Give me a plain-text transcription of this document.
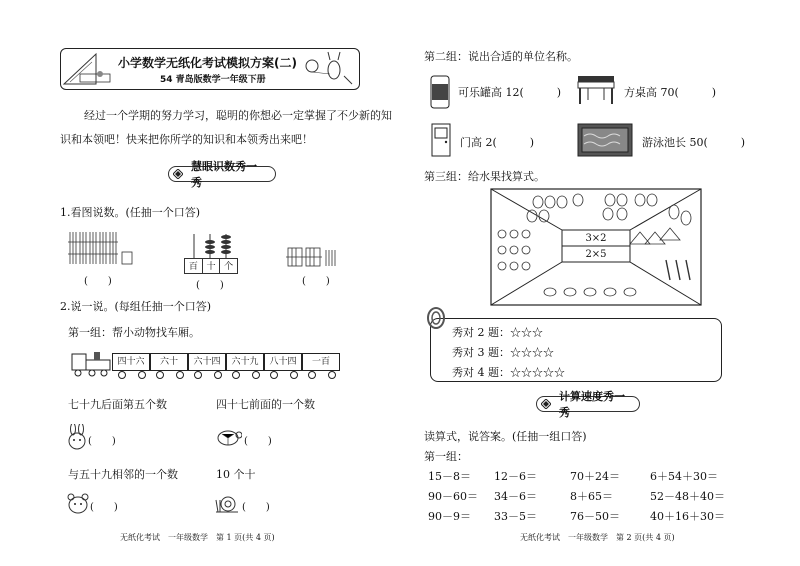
小学数学无纸化考试模拟方案(二)
54 青岛版数学一年级下册
经过一个学期的努力学习，聪明的你想必一定掌握了不少新的知
识和本领吧！快来把你所学的知识和本领秀出来吧！
慧眼识数秀一秀
1.看图说数。(任抽一个口答)
(　　)
百 十 个
(　　)	(　　)
2.说一说。(每组任抽一个口答)
第一组：帮小动物找车厢。
四十六	六十	六十四	六十九	八十四	一百
七十九后面第五个数	四十七前面的一个数
(　　)	(　　)
与五十九相邻的一个数	10 个十
(　　)	(　　)
无纸化考试　一年级数学　第 1 页(共 4 页)
第二组：说出合适的单位名称。
可乐罐高 12(　　　)	方桌高 70(　　　)
门高 2(　　　)	游泳池长 50(　　　)
第三组：给水果找算式。
3×2
2×5
秀对 2 题：☆☆☆
秀对 3 题：☆☆☆☆
秀对 4 题：☆☆☆☆☆
计算速度秀一秀
读算式，说答案。(任抽一组口答)
第一组：
15－8＝ 12－6＝	70＋24＝	6＋54＋30＝
90－60＝ 34－6＝	8＋65＝	52－48＋40＝
90－9＝ 33－5＝	76－50＝	40＋16＋30＝
无纸化考试　一年级数学　第 2 页(共 4 页)
